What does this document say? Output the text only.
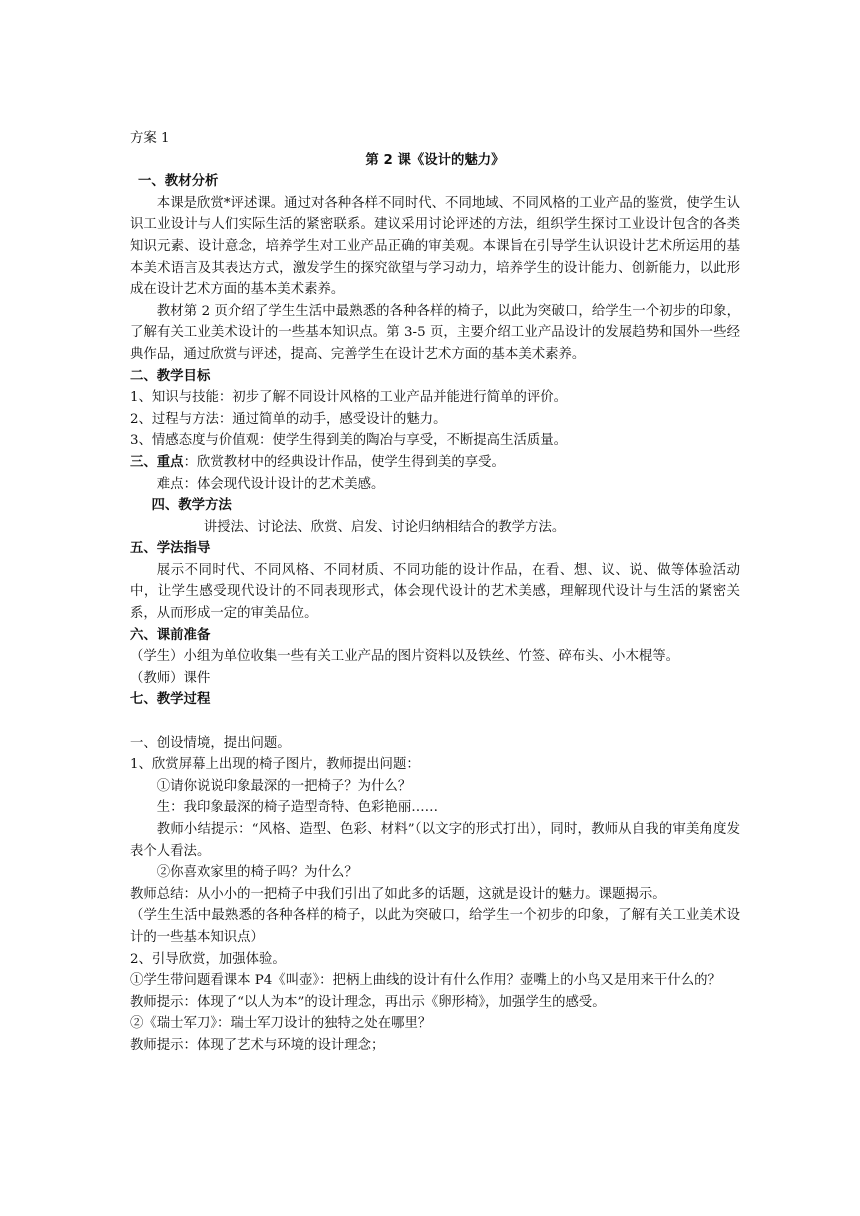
方案 1

第 2 课《设计的魅力》

一、教材分析

本课是欣赏*评述课。通过对各种各样不同时代、不同地域、不同风格的工业产品的鉴赏，使学生认识工业设计与人们实际生活的紧密联系。建议采用讨论评述的方法，组织学生探讨工业设计包含的各类知识元素、设计意念，培养学生对工业产品正确的审美观。本课旨在引导学生认识设计艺术所运用的基本美术语言及其表达方式，激发学生的探究欲望与学习动力，培养学生的设计能力、创新能力，以此形成在设计艺术方面的基本美术素养。

教材第 2 页介绍了学生生活中最熟悉的各种各样的椅子，以此为突破口，给学生一个初步的印象，了解有关工业美术设计的一些基本知识点。第 3-5 页，主要介绍工业产品设计的发展趋势和国外一些经典作品，通过欣赏与评述，提高、完善学生在设计艺术方面的基本美术素养。

二、教学目标

1、知识与技能：初步了解不同设计风格的工业产品并能进行简单的评价。

2、过程与方法：通过简单的动手，感受设计的魅力。

3、情感态度与价值观：使学生得到美的陶冶与享受，不断提高生活质量。

三、重点：欣赏教材中的经典设计作品，使学生得到美的享受。

难点：体会现代设计设计的艺术美感。

四、教学方法

讲授法、讨论法、欣赏、启发、讨论归纳相结合的教学方法。

五、学法指导

展示不同时代、不同风格、不同材质、不同功能的设计作品，在看、想、议、说、做等体验活动中，让学生感受现代设计的不同表现形式，体会现代设计的艺术美感，理解现代设计与生活的紧密关系，从而形成一定的审美品位。

六、课前准备

（学生）小组为单位收集一些有关工业产品的图片资料以及铁丝、竹签、碎布头、小木棍等。

（教师）课件

七、教学过程

一、创设情境，提出问题。

1、欣赏屏幕上出现的椅子图片，教师提出问题：

①请你说说印象最深的一把椅子？为什么？

生：我印象最深的椅子造型奇特、色彩艳丽……

教师小结提示：“风格、造型、色彩、材料”（以文字的形式打出），同时，教师从自我的审美角度发表个人看法。

②你喜欢家里的椅子吗？为什么？

教师总结：从小小的一把椅子中我们引出了如此多的话题，这就是设计的魅力。课题揭示。

（学生生活中最熟悉的各种各样的椅子，以此为突破口，给学生一个初步的印象，了解有关工业美术设计的一些基本知识点）

2、引导欣赏，加强体验。

①学生带问题看课本 P4《叫壶》：把柄上曲线的设计有什么作用？壶嘴上的小鸟又是用来干什么的？

教师提示：体现了“以人为本”的设计理念，再出示《卵形椅》，加强学生的感受。

②《瑞士军刀》：瑞士军刀设计的独特之处在哪里？

教师提示：体现了艺术与环境的设计理念；
